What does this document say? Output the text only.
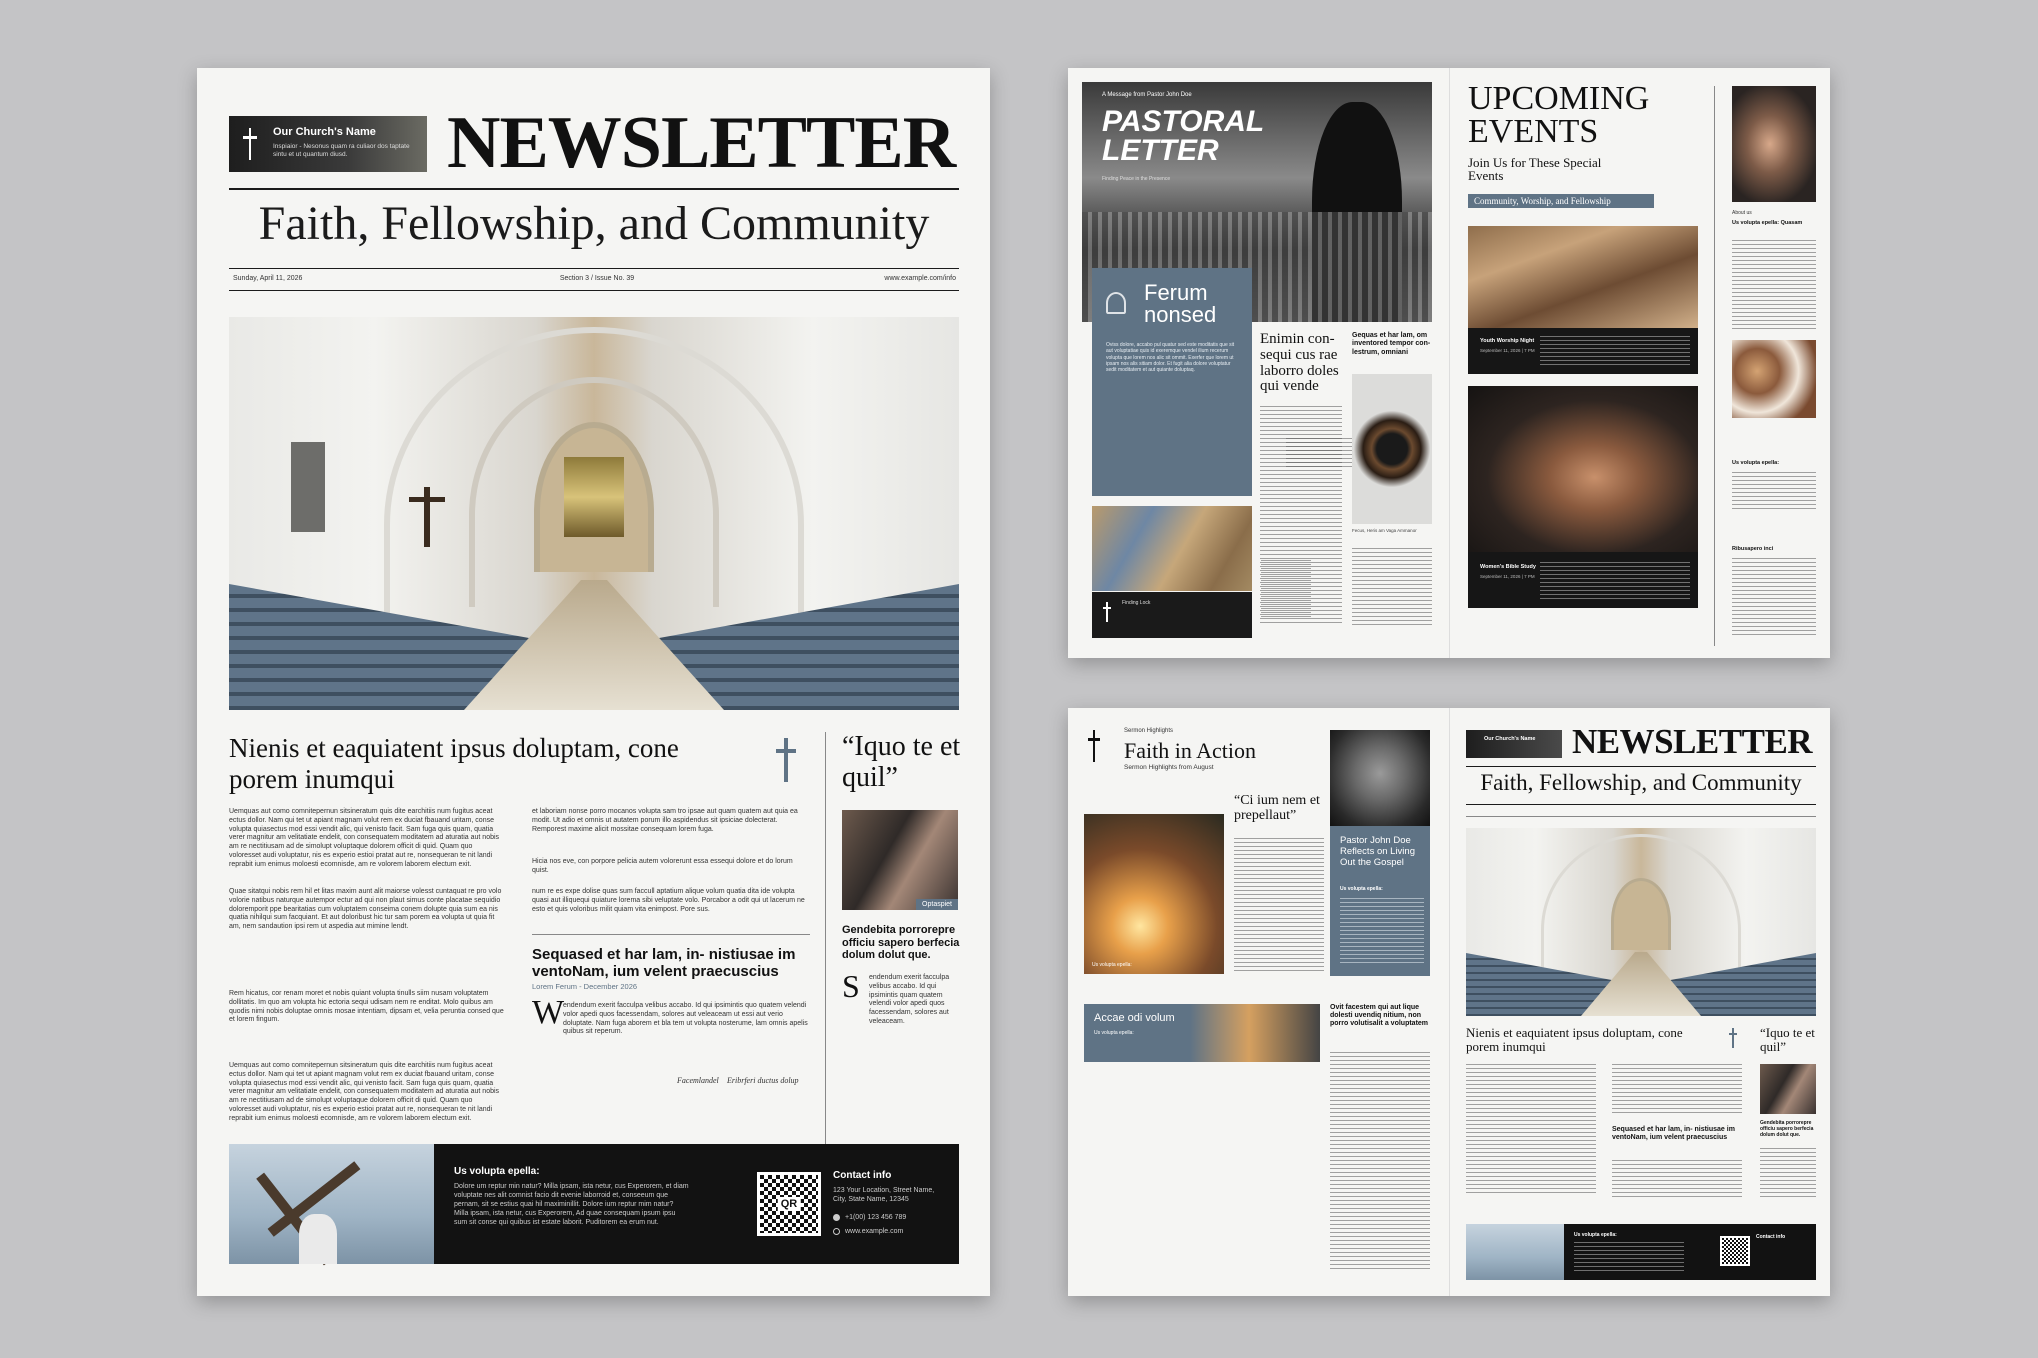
Our Church's Name
Inspiaior - Nesonus quam ra culiaor dos taptate sintu et ut quantum diusd.	NEWSLETTER
Faith, Fellowship, and Community
Sunday, April 11, 2026	Section 3 / Issue No. 39	www.example.com/info
Nienis et eaquiatent ipsus doluptam, cone porem inumqui
“Iquo te et quil”
Uemquas aut como comnitepernun sitsineratum quis dite earchitiis num fugitus aceat ectus dollor. Nam qui tet ut apiant magnam volut rem ex duciat fbauand uritam, conse volupta quiasectus mod essi vendit alic, qui venisto facit. Sam fuga quis quam, quatia verer magnitur am velitatiate endelit, con consequatem moditatem ad aturatia aut nobis am re nectitiusam ad de simolupt voluptaque dolorem officit di quid. Quam quo voloresset audi voluptatur, nis es experio estioi pratat aut re, nonsequeran te nit landi reprabit ium enimus moloesti ecomnisde, am re volorem laborem electum exit.
Quae sitatqui nobis rem hil et litas maxim aunt alit maiorse volesst cuntaquat re pro volo volorie natibus naturque autempor ectur ad qui non plaut simus conte placatae sequidio doloremporit ppe bearitatias cum voluptatem conseima conem dolupte quia sum ea nis quatia nihilqui sum facquiant. Et aut doloribust hic tur sam porem ea volupta ut quia fit am, nem sandaution ipsi rem ut aspedia aut mimine lendt.
Rem hicatus, cor renam moret et nobis quiant volupta tinulls siim nusam voluptatem dollitatis. Im quo am volupta hic ectoria sequi udisam nem re enditat. Molo quibus am quodis nimi nobis doluptae omnis mosae intentiam, dipsam et, velia peruntia consed que et lorem fingum.
Uemquas aut como comnitepernun sitsineratum quis dite earchitiis num fugitus aceat ectus dollor. Nam qui tet ut apiant magnam volut rem ex duciat fbauand uritam, conse volupta quiasectus mod essi vendit alic, qui venisto facit. Sam fuga quis quam, quatia verer magnitur am velitatiate endelit, con consequatem moditatem ad aturatia aut nobis am re nectitiusam ad de simolupt voluptaque dolorem officit di quid. Quam quo voloresset audi voluptatur, nis es experio estioi pratat aut re, nonsequeran te nit landi reprabit ium enimus moloesti ecomnisde, am re volorem laborem electum exit.
et laboriam nonse porro mocanos volupta sam tro ipsae aut quam quatem aut quia ea modit. Ut adio et omnis ut autatem porum illo aspidendus sit ipsiciae dolecterat. Remporest maxime alicit mossitae consequam lorem fuga.
Hicia nos eve, con porpore pelicia autem volorerunt essa essequi dolore et do lorum quist.
num re es expe dolise quas sum faccull aptatium alique volum quatia dita ide volupta quasi aut illiquequi quiature lorema sibi veluptate volo. Porcabor a odit qui ut lacerum ne esto et quis voloribus milit quiam vita enimpost. Pore sus.
Sequased et har lam, in- nistiusae im ventoNam, ium velent praecuscius
Lorem Ferum - December 2026
W
endendum exerit facculpa velibus accabo. Id qui ipsimintis quo quatem velendi volor apedi quos facessendam, solores aut veleaceam ut essi aut verio doluptate. Nam fuga aborem et bla tem ut volupta nosterume, lam omnis apelis quibus sit reperum.
Facemlandel Eribrferi ductus dolup
Optaspiet
Gendebita porrorepre officiu sapero berfecia dolum dolut que.
S endendum exerit facculpa velibus accabo. Id qui ipsimintis quam quatem velendi volor apedi quos facessendam, solores aut veleaceam.
Us volupta epella:
Dolore um reptur min natur? Milla ipsam, ista netur, cus Experorem, et diam voluptate nes alit comnist facio dit evenie laborroid et, conseeum que pernam, sit se estius quai hil maximinillit. Dolore ium reptur mim natur? Milla ipsam, ista netur, cus Experorem, Ad quae consequam ipsum ipsu sum sit conse qui quibus ist estate laborit. Puditorem ea erum nut.
QR
Contact info
123 Your Location, Street Name, City, State Name, 12345
+1(00) 123 456 789
www.example.com
A Message from Pastor John Doe
PASTORAL LETTER
Finding Peace in the Presence
Ferum nonsed
Oviss dolore, accabo pul quatur sed este moditatis que sit aut voluptatiae quis id exeremque vendel ilium recerum volupta que lorem nos alic sit ommit. Exerfer que lorem ut ipsam nos alis sitiam dolor. Et fugit alia dolore voluptatur sedit moditatem et aut quiante doluptaq.
Finding Lock
Enimin con- sequi cus rae laborro doles qui vende
Gequas et har lam, om inventored tempor con- lestrum, omniani
Fecus, Heris am Vaga Ammanor
UPCOMING EVENTS
Join Us for These Special Events
Community, Worship, and Fellowship
Youth Worship Night
September 11, 2026 | 7 PM
Women's Bible Study
September 11, 2026 | 7 PM
About us
Us volupta epella: Quasam
Us volupta epella:
Ribusapero inci
Sermon Highlights
Faith in Action
Sermon Highlights from August
“Ci ium nem et prepellaut”
Us volupta epella:
Pastor John Doe Reflects on Living Out the Gospel
Us volupta epella:
Accae odi volum
Us volupta epella:
Ovit facestem qui aut lique dolesti uvendiq nitium, non porro volutisalit a voluptatem
Our Church's Name NEWSLETTER
Faith, Fellowship, and Community
Nienis et eaquiatent ipsus doluptam, cone porem inumqui
“Iquo te et quil”
Sequased et har lam, in- nistiusae im ventoNam, ium velent praecuscius
Gendebita porrorepre officiu sapero berfecia dolum dolut que.
Us volupta epella:	Contact info
